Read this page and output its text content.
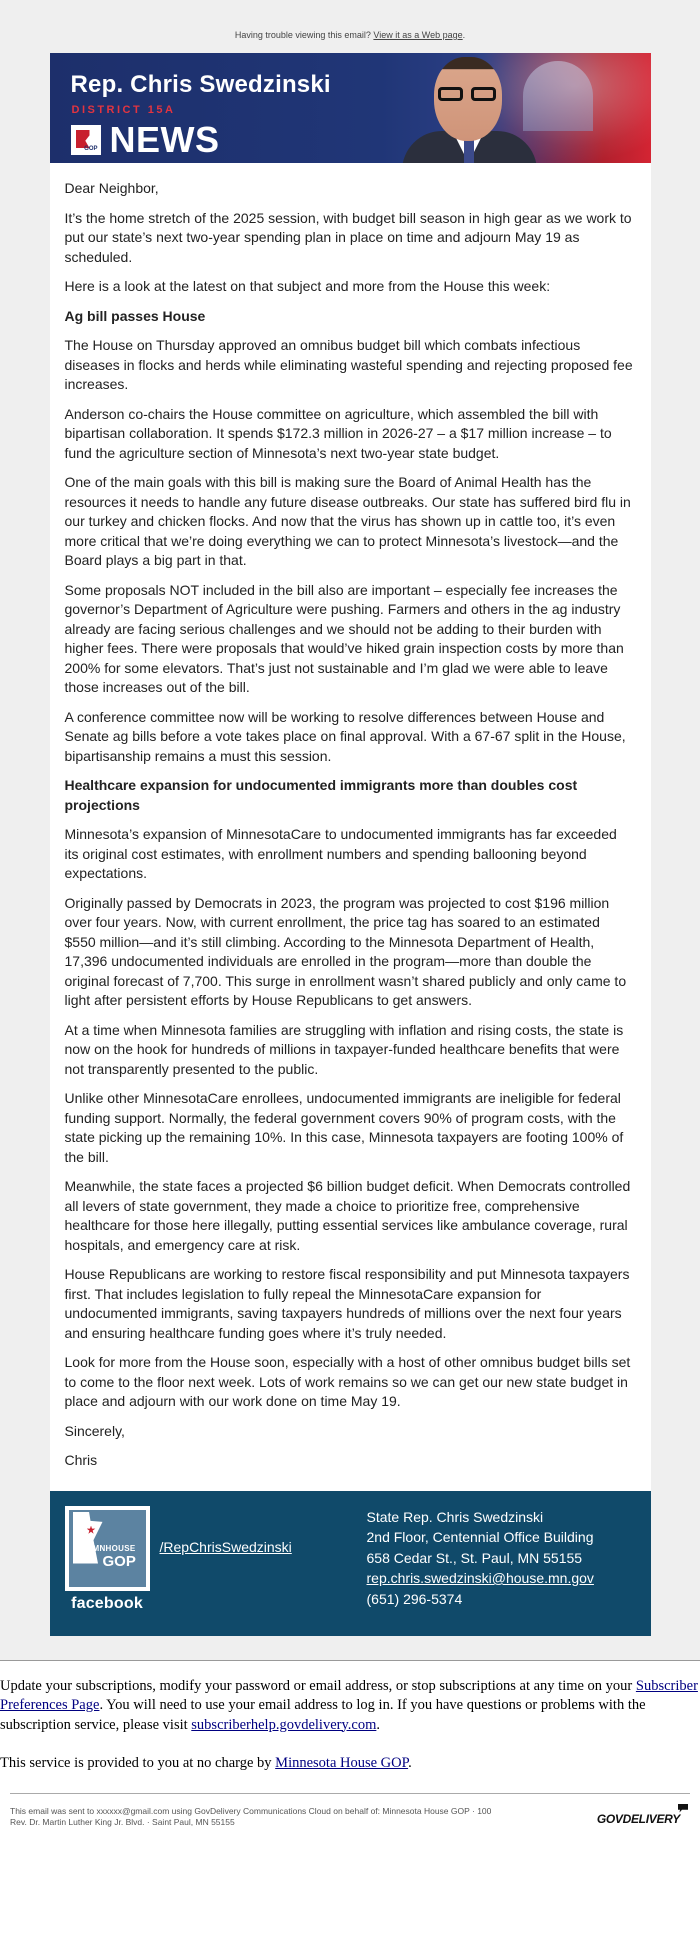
Having trouble viewing this email? View it as a Web page.
Rep. Chris Swedzinski
DISTRICT 15A
GOP NEWS

Dear Neighbor,

It’s the home stretch of the 2025 session, with budget bill season in high gear as we work to put our state’s next two-year spending plan in place on time and adjourn May 19 as scheduled.

Here is a look at the latest on that subject and more from the House this week:

Ag bill passes House

The House on Thursday approved an omnibus budget bill which combats infectious diseases in flocks and herds while eliminating wasteful spending and rejecting proposed fee increases.

Anderson co-chairs the House committee on agriculture, which assembled the bill with bipartisan collaboration. It spends $172.3 million in 2026-27 – a $17 million increase – to fund the agriculture section of Minnesota’s next two-year state budget.

One of the main goals with this bill is making sure the Board of Animal Health has the resources it needs to handle any future disease outbreaks. Our state has suffered bird flu in our turkey and chicken flocks. And now that the virus has shown up in cattle too, it’s even more critical that we’re doing everything we can to protect Minnesota’s livestock—and the Board plays a big part in that.

Some proposals NOT included in the bill also are important – especially fee increases the governor’s Department of Agriculture were pushing. Farmers and others in the ag industry already are facing serious challenges and we should not be adding to their burden with higher fees. There were proposals that would’ve hiked grain inspection costs by more than 200% for some elevators. That’s just not sustainable and I’m glad we were able to leave those increases out of the bill.

A conference committee now will be working to resolve differences between House and Senate ag bills before a vote takes place on final approval. With a 67-67 split in the House, bipartisanship remains a must this session.

Healthcare expansion for undocumented immigrants more than doubles cost projections

Minnesota’s expansion of MinnesotaCare to undocumented immigrants has far exceeded its original cost estimates, with enrollment numbers and spending ballooning beyond expectations.

Originally passed by Democrats in 2023, the program was projected to cost $196 million over four years. Now, with current enrollment, the price tag has soared to an estimated $550 million—and it’s still climbing. According to the Minnesota Department of Health, 17,396 undocumented individuals are enrolled in the program—more than double the original forecast of 7,700. This surge in enrollment wasn’t shared publicly and only came to light after persistent efforts by House Republicans to get answers.

At a time when Minnesota families are struggling with inflation and rising costs, the state is now on the hook for hundreds of millions in taxpayer-funded healthcare benefits that were not transparently presented to the public.

Unlike other MinnesotaCare enrollees, undocumented immigrants are ineligible for federal funding support. Normally, the federal government covers 90% of program costs, with the state picking up the remaining 10%. In this case, Minnesota taxpayers are footing 100% of the bill.

Meanwhile, the state faces a projected $6 billion budget deficit. When Democrats controlled all levers of state government, they made a choice to prioritize free, comprehensive healthcare for those here illegally, putting essential services like ambulance coverage, rural hospitals, and emergency care at risk.

House Republicans are working to restore fiscal responsibility and put Minnesota taxpayers first. That includes legislation to fully repeal the MinnesotaCare expansion for undocumented immigrants, saving taxpayers hundreds of millions over the next four years and ensuring healthcare funding goes where it’s truly needed.

Look for more from the House soon, especially with a host of other omnibus budget bills set to come to the floor next week. Lots of work remains so we can get our new state budget in place and adjourn with our work done on time May 19.

Sincerely,

Chris

MNHOUSE
GOP
facebook
/RepChrisSwedzinski
State Rep. Chris Swedzinski
2nd Floor, Centennial Office Building
658 Cedar St., St. Paul, MN 55155
rep.chris.swedzinski@house.mn.gov
(651) 296-5374

Update your subscriptions, modify your password or email address, or stop subscriptions at any time on your Subscriber Preferences Page. You will need to use your email address to log in. If you have questions or problems with the subscription service, please visit subscriberhelp.govdelivery.com.

This service is provided to you at no charge by Minnesota House GOP.

This email was sent to xxxxxx@gmail.com using GovDelivery Communications Cloud on behalf of: Minnesota House GOP · 100
Rev. Dr. Martin Luther King Jr. Blvd. · Saint Paul, MN 55155	GOVDELIVERY
